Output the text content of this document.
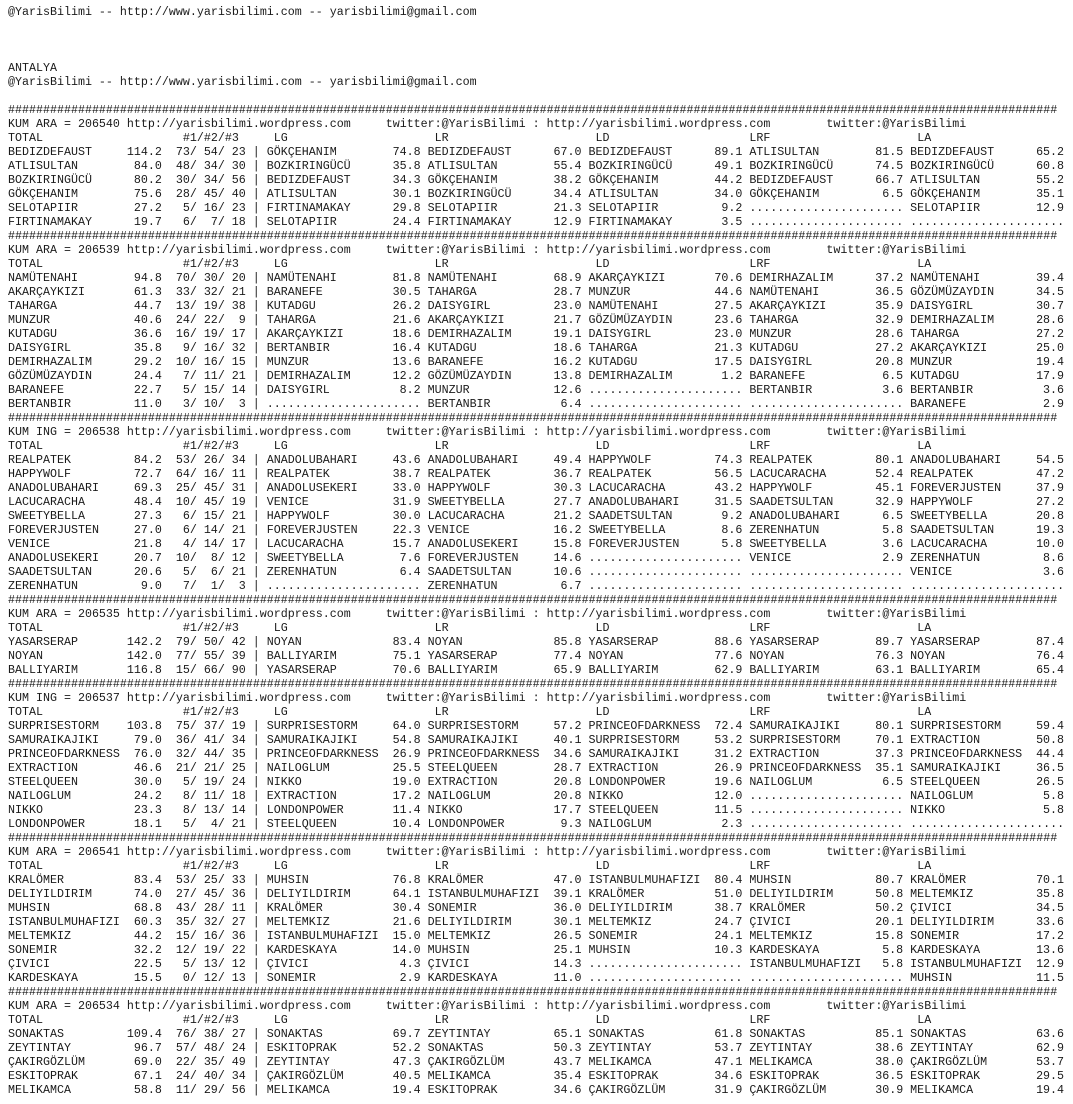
@YarisBilimi -- http://www.yarisbilimi.com -- yarisbilimi@gmail.com
ANTALYA
@YarisBilimi -- http://www.yarisbilimi.com -- yarisbilimi@gmail.com
######################################################################################################################################################
KUM ARA = 206540 http://yarisbilimi.wordpress.com	twitter:@YarisBilimi : http://yarisbilimi.wordpress.com	twitter:@YarisBilimi
TOTAL	#1/#2/#3	LG	LR	LD	LRF	LA
BEDIZDEFAUST	114.2 73/ 54/ 23 | GÖKÇEHANIM	74.8 BEDIZDEFAUST	67.0 BEDIZDEFAUST	89.1 ATLISULTAN	81.5 BEDIZDEFAUST	65.2
ATLISULTAN	84.0 48/ 34/ 30 | BOZKIRINGÜCÜ	35.8 ATLISULTAN	55.4 BOZKIRINGÜCÜ	49.1 BOZKIRINGÜCÜ	74.5 BOZKIRINGÜCÜ	60.8
BOZKIRINGÜCÜ	80.2 30/ 34/ 56 | BEDIZDEFAUST	34.3 GÖKÇEHANIM	38.2 GÖKÇEHANIM	44.2 BEDIZDEFAUST	66.7 ATLISULTAN	55.2
GÖKÇEHANIM	75.6 28/ 45/ 40 | ATLISULTAN	30.1 BOZKIRINGÜCÜ	34.4 ATLISULTAN	34.0 GÖKÇEHANIM	6.5 GÖKÇEHANIM	35.1
SELOTAPIIR	27.2 5/ 16/ 23 | FIRTINAMAKAY	29.8 SELOTAPIIR	21.3 SELOTAPIIR	9.2 ...................... SELOTAPIIR	12.9
FIRTINAMAKAY	19.7 6/ 7/ 18 | SELOTAPIIR	24.4 FIRTINAMAKAY	12.9 FIRTINAMAKAY	3.5 ...................... ......................
######################################################################################################################################################
KUM ARA = 206539 http://yarisbilimi.wordpress.com	twitter:@YarisBilimi : http://yarisbilimi.wordpress.com	twitter:@YarisBilimi
TOTAL	#1/#2/#3	LG	LR	LD	LRF	LA
NAMÜTENAHI	94.8 70/ 30/ 20 | NAMÜTENAHI	81.8 NAMÜTENAHI	68.9 AKARÇAYKIZI	70.6 DEMIRHAZALIM	37.2 NAMÜTENAHI	39.4
AKARÇAYKIZI	61.3 33/ 32/ 21 | BARANEFE	30.5 TAHARGA	28.7 MUNZUR	44.6 NAMÜTENAHI	36.5 GÖZÜMÜZAYDIN	34.5
TAHARGA	44.7 13/ 19/ 38 | KUTADGU	26.2 DAISYGIRL	23.0 NAMÜTENAHI	27.5 AKARÇAYKIZI	35.9 DAISYGIRL	30.7
MUNZUR	40.6 24/ 22/ 9 | TAHARGA	21.6 AKARÇAYKIZI	21.7 GÖZÜMÜZAYDIN	23.6 TAHARGA	32.9 DEMIRHAZALIM	28.6
KUTADGU	36.6 16/ 19/ 17 | AKARÇAYKIZI	18.6 DEMIRHAZALIM	19.1 DAISYGIRL	23.0 MUNZUR	28.6 TAHARGA	27.2
DAISYGIRL	35.8 9/ 16/ 32 | BERTANBIR	16.4 KUTADGU	18.6 TAHARGA	21.3 KUTADGU	27.2 AKARÇAYKIZI	25.0
DEMIRHAZALIM	29.2 10/ 16/ 15 | MUNZUR	13.6 BARANEFE	16.2 KUTADGU	17.5 DAISYGIRL	20.8 MUNZUR	19.4
GÖZÜMÜZAYDIN	24.4 7/ 11/ 21 | DEMIRHAZALIM	12.2 GÖZÜMÜZAYDIN	13.8 DEMIRHAZALIM	1.2 BARANEFE	6.5 KUTADGU	17.9
BARANEFE	22.7 5/ 15/ 14 | DAISYGIRL	8.2 MUNZUR	12.6 ...................... BERTANBIR	3.6 BERTANBIR	3.6
BERTANBIR	11.0 3/ 10/ 3 | ...................... BERTANBIR	6.4 ...................... ...................... BARANEFE	2.9
######################################################################################################################################################
KUM ING = 206538 http://yarisbilimi.wordpress.com	twitter:@YarisBilimi : http://yarisbilimi.wordpress.com	twitter:@YarisBilimi
TOTAL	#1/#2/#3	LG	LR	LD	LRF	LA
REALPATEK	84.2 53/ 26/ 34 | ANADOLUBAHARI	43.6 ANADOLUBAHARI	49.4 HAPPYWOLF	74.3 REALPATEK	80.1 ANADOLUBAHARI	54.5
HAPPYWOLF	72.7 64/ 16/ 11 | REALPATEK	38.7 REALPATEK	36.7 REALPATEK	56.5 LACUCARACHA	52.4 REALPATEK	47.2
ANADOLUBAHARI	69.3 25/ 45/ 31 | ANADOLUSEKERI	33.0 HAPPYWOLF	30.3 LACUCARACHA	43.2 HAPPYWOLF	45.1 FOREVERJUSTEN	37.9
LACUCARACHA	48.4 10/ 45/ 19 | VENICE	31.9 SWEETYBELLA	27.7 ANADOLUBAHARI	31.5 SAADETSULTAN	32.9 HAPPYWOLF	27.2
SWEETYBELLA	27.3 6/ 15/ 21 | HAPPYWOLF	30.0 LACUCARACHA	21.2 SAADETSULTAN	9.2 ANADOLUBAHARI	6.5 SWEETYBELLA	20.8
FOREVERJUSTEN	27.0 6/ 14/ 21 | FOREVERJUSTEN	22.3 VENICE	16.2 SWEETYBELLA	8.6 ZERENHATUN	5.8 SAADETSULTAN	19.3
VENICE	21.8 4/ 14/ 17 | LACUCARACHA	15.7 ANADOLUSEKERI	15.8 FOREVERJUSTEN	5.8 SWEETYBELLA	3.6 LACUCARACHA	10.0
ANADOLUSEKERI	20.7 10/ 8/ 12 | SWEETYBELLA	7.6 FOREVERJUSTEN	14.6 ...................... VENICE	2.9 ZERENHATUN	8.6
SAADETSULTAN	20.6 5/ 6/ 21 | ZERENHATUN	6.4 SAADETSULTAN	10.6 ...................... ...................... VENICE	3.6
ZERENHATUN	9.0 7/ 1/ 3 | ...................... ZERENHATUN	6.7 ...................... ...................... ......................
######################################################################################################################################################
KUM ARA = 206535 http://yarisbilimi.wordpress.com	twitter:@YarisBilimi : http://yarisbilimi.wordpress.com	twitter:@YarisBilimi
TOTAL	#1/#2/#3	LG	LR	LD	LRF	LA
YASARSERAP	142.2 79/ 50/ 42 | NOYAN	83.4 NOYAN	85.8 YASARSERAP	88.6 YASARSERAP	89.7 YASARSERAP	87.4
NOYAN	142.0 77/ 55/ 39 | BALLIYARIM	75.1 YASARSERAP	77.4 NOYAN	77.6 NOYAN	76.3 NOYAN	76.4
BALLIYARIM	116.8 15/ 66/ 90 | YASARSERAP	70.6 BALLIYARIM	65.9 BALLIYARIM	62.9 BALLIYARIM	63.1 BALLIYARIM	65.4
######################################################################################################################################################
KUM ING = 206537 http://yarisbilimi.wordpress.com	twitter:@YarisBilimi : http://yarisbilimi.wordpress.com	twitter:@YarisBilimi
TOTAL	#1/#2/#3	LG	LR	LD	LRF	LA
SURPRISESTORM 103.8 75/ 37/ 19 | SURPRISESTORM	64.0 SURPRISESTORM	57.2 PRINCEOFDARKNESS 72.4 SAMURAIKAJIKI	80.1 SURPRISESTORM	59.4
SAMURAIKAJIKI	79.0 36/ 41/ 34 | SAMURAIKAJIKI	54.8 SAMURAIKAJIKI	40.1 SURPRISESTORM	53.2 SURPRISESTORM	70.1 EXTRACTION	50.8
PRINCEOFDARKNESS 76.0 32/ 44/ 35 | PRINCEOFDARKNESS 26.9 PRINCEOFDARKNESS 34.6 SAMURAIKAJIKI	31.2 EXTRACTION	37.3 PRINCEOFDARKNESS 44.4
EXTRACTION	46.6 21/ 21/ 25 | NAILOGLUM	25.5 STEELQUEEN	28.7 EXTRACTION	26.9 PRINCEOFDARKNESS 35.1 SAMURAIKAJIKI	36.5
STEELQUEEN	30.0 5/ 19/ 24 | NIKKO	19.0 EXTRACTION	20.8 LONDONPOWER	19.6 NAILOGLUM	6.5 STEELQUEEN	26.5
NAILOGLUM	24.2 8/ 11/ 18 | EXTRACTION	17.2 NAILOGLUM	20.8 NIKKO	12.0 ...................... NAILOGLUM	5.8
NIKKO	23.3 8/ 13/ 14 | LONDONPOWER	11.4 NIKKO	17.7 STEELQUEEN	11.5 ...................... NIKKO	5.8
LONDONPOWER	18.1 5/ 4/ 21 | STEELQUEEN	10.4 LONDONPOWER	9.3 NAILOGLUM	2.3 ...................... ......................
######################################################################################################################################################
KUM ARA = 206541 http://yarisbilimi.wordpress.com	twitter:@YarisBilimi : http://yarisbilimi.wordpress.com	twitter:@YarisBilimi
TOTAL	#1/#2/#3	LG	LR	LD	LRF	LA
KRALÖMER	83.4 53/ 25/ 33 | MUHSIN	76.8 KRALÖMER	47.0 ISTANBULMUHAFIZI 80.4 MUHSIN	80.7 KRALÖMER	70.1
DELIYILDIRIM	74.0 27/ 45/ 36 | DELIYILDIRIM	64.1 ISTANBULMUHAFIZI 39.1 KRALÖMER	51.0 DELIYILDIRIM	50.8 MELTEMKIZ	35.8
MUHSIN	68.8 43/ 28/ 11 | KRALÖMER	30.4 SONEMIR	36.0 DELIYILDIRIM	38.7 KRALÖMER	50.2 ÇIVICI	34.5
ISTANBULMUHAFIZI 60.3 35/ 32/ 27 | MELTEMKIZ	21.6 DELIYILDIRIM	30.1 MELTEMKIZ	24.7 ÇIVICI	20.1 DELIYILDIRIM	33.6
MELTEMKIZ	44.2 15/ 16/ 36 | ISTANBULMUHAFIZI 15.0 MELTEMKIZ	26.5 SONEMIR	24.1 MELTEMKIZ	15.8 SONEMIR	17.2
SONEMIR	32.2 12/ 19/ 22 | KARDESKAYA	14.0 MUHSIN	25.1 MUHSIN	10.3 KARDESKAYA	5.8 KARDESKAYA	13.6
ÇIVICI	22.5 5/ 13/ 12 | ÇIVICI	4.3 ÇIVICI	14.3 ...................... ISTANBULMUHAFIZI 5.8 ISTANBULMUHAFIZI 12.9
KARDESKAYA	15.5 0/ 12/ 13 | SONEMIR	2.9 KARDESKAYA	11.0 ...................... ...................... MUHSIN	11.5
######################################################################################################################################################
KUM ARA = 206534 http://yarisbilimi.wordpress.com	twitter:@YarisBilimi : http://yarisbilimi.wordpress.com	twitter:@YarisBilimi
TOTAL	#1/#2/#3	LG	LR	LD	LRF	LA
SONAKTAS	109.4 76/ 38/ 27 | SONAKTAS	69.7 ZEYTINTAY	65.1 SONAKTAS	61.8 SONAKTAS	85.1 SONAKTAS	63.6
ZEYTINTAY	96.7 57/ 48/ 24 | ESKITOPRAK	52.2 SONAKTAS	50.3 ZEYTINTAY	53.7 ZEYTINTAY	38.6 ZEYTINTAY	62.9
ÇAKIRGÖZLÜM	69.0 22/ 35/ 49 | ZEYTINTAY	47.3 ÇAKIRGÖZLÜM	43.7 MELIKAMCA	47.1 MELIKAMCA	38.0 ÇAKIRGÖZLÜM	53.7
ESKITOPRAK	67.1 24/ 40/ 34 | ÇAKIRGÖZLÜM	40.5 MELIKAMCA	35.4 ESKITOPRAK	34.6 ESKITOPRAK	36.5 ESKITOPRAK	29.5
MELIKAMCA	58.8 11/ 29/ 56 | MELIKAMCA	19.4 ESKITOPRAK	34.6 ÇAKIRGÖZLÜM	31.9 ÇAKIRGÖZLÜM	30.9 MELIKAMCA	19.4
